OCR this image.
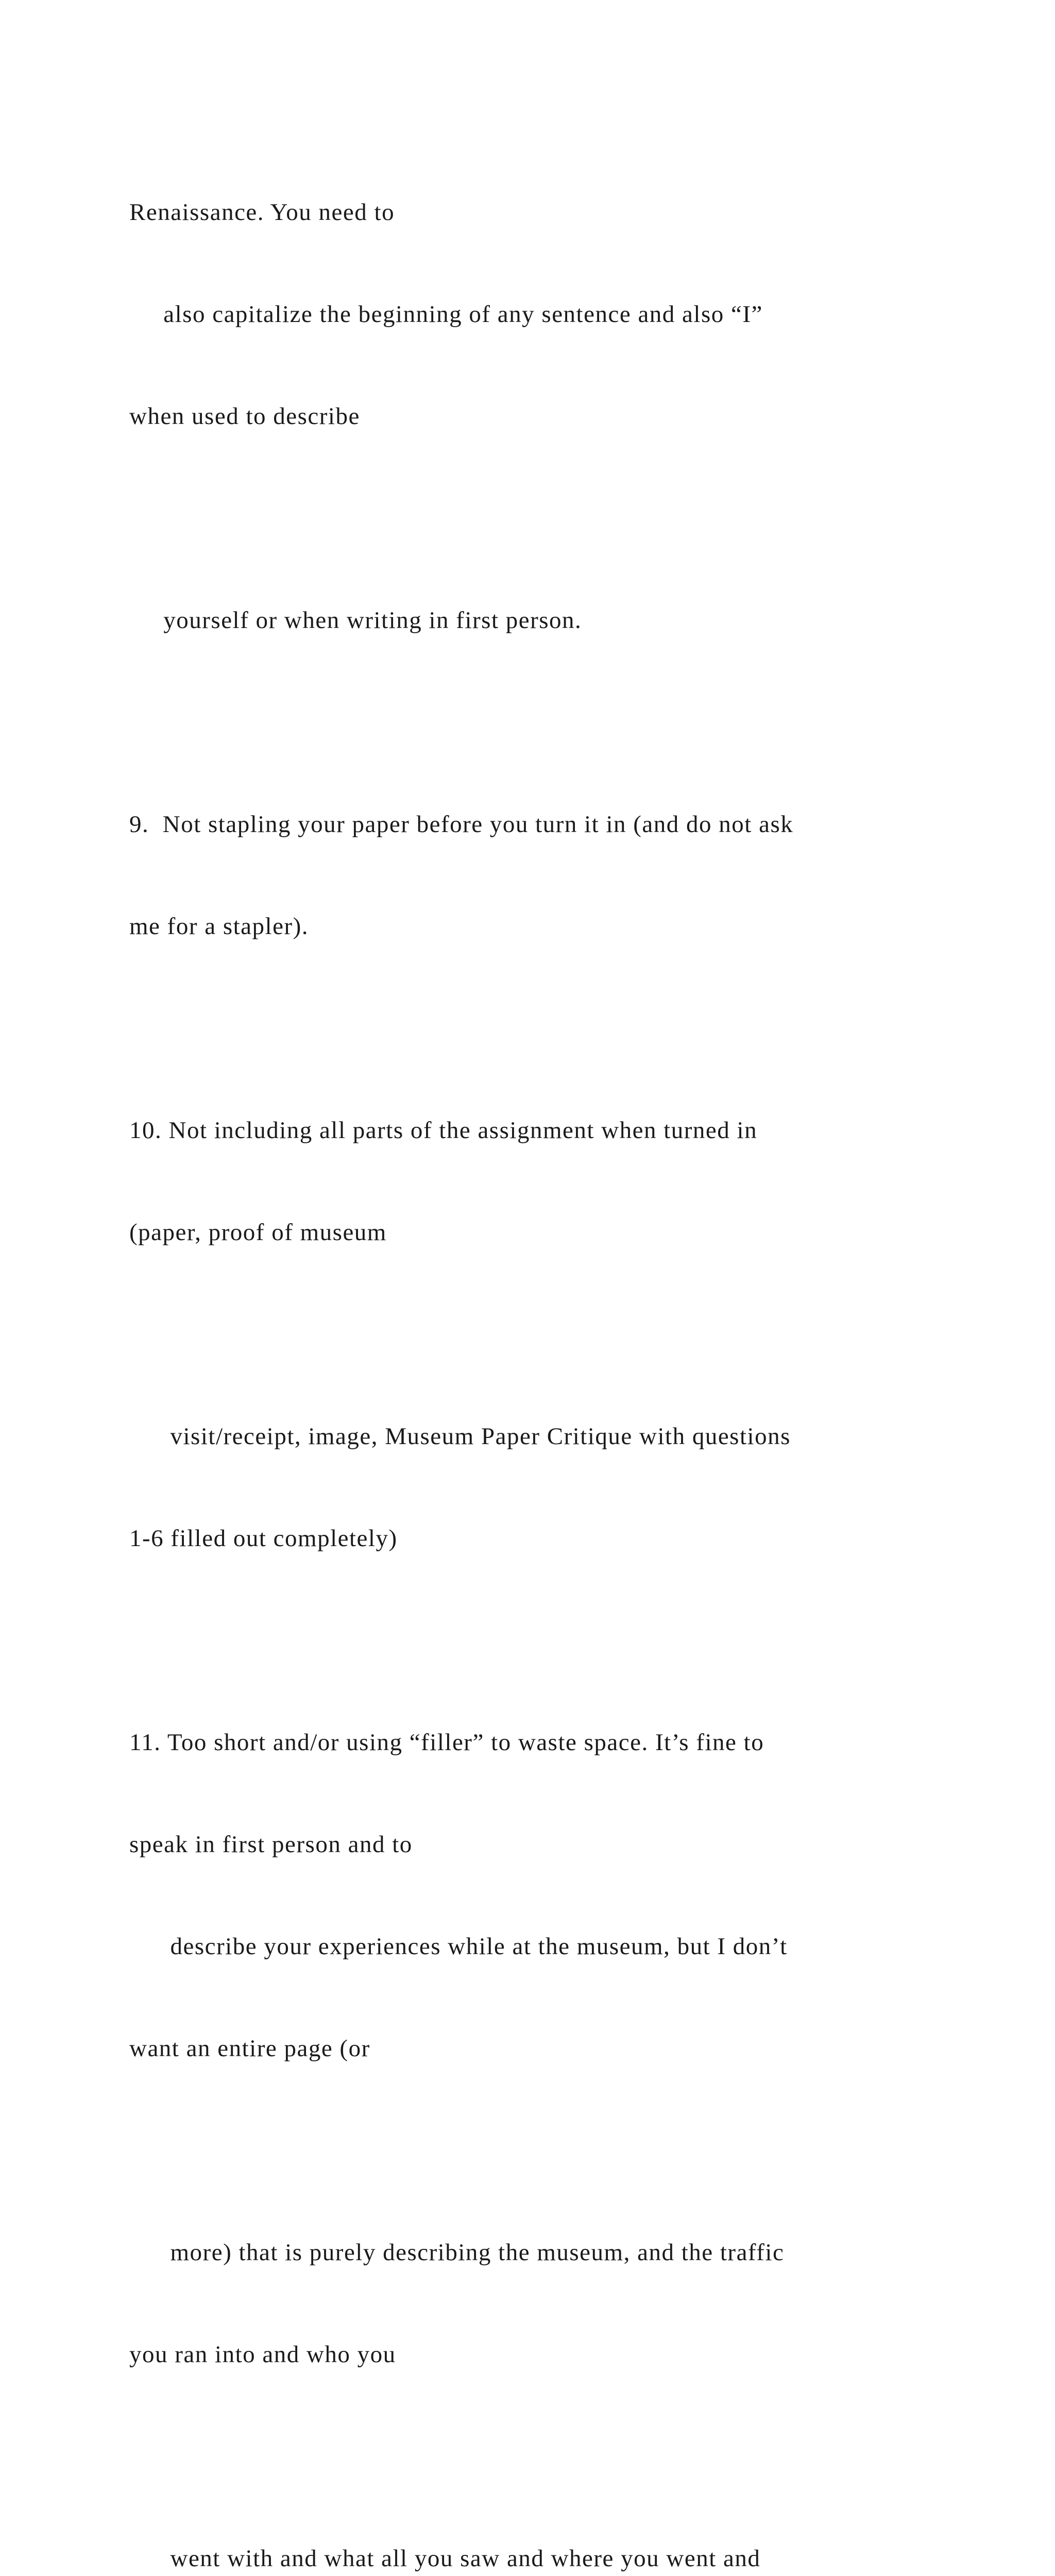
Renaissance. You need to

also capitalize the beginning of any sentence and also “I”

when used to describe

yourself or when writing in first person.

9.  Not stapling your paper before you turn it in (and do not ask

me for a stapler).

10. Not including all parts of the assignment when turned in

(paper, proof of museum

visit/receipt, image, Museum Paper Critique with questions

1-6 filled out completely)

11. Too short and/or using “filler” to waste space. It’s fine to

speak in first person and to

describe your experiences while at the museum, but I don’t

want an entire page (or

more) that is purely describing the museum, and the traffic

you ran into and who you

went with and what all you saw and where you went and
